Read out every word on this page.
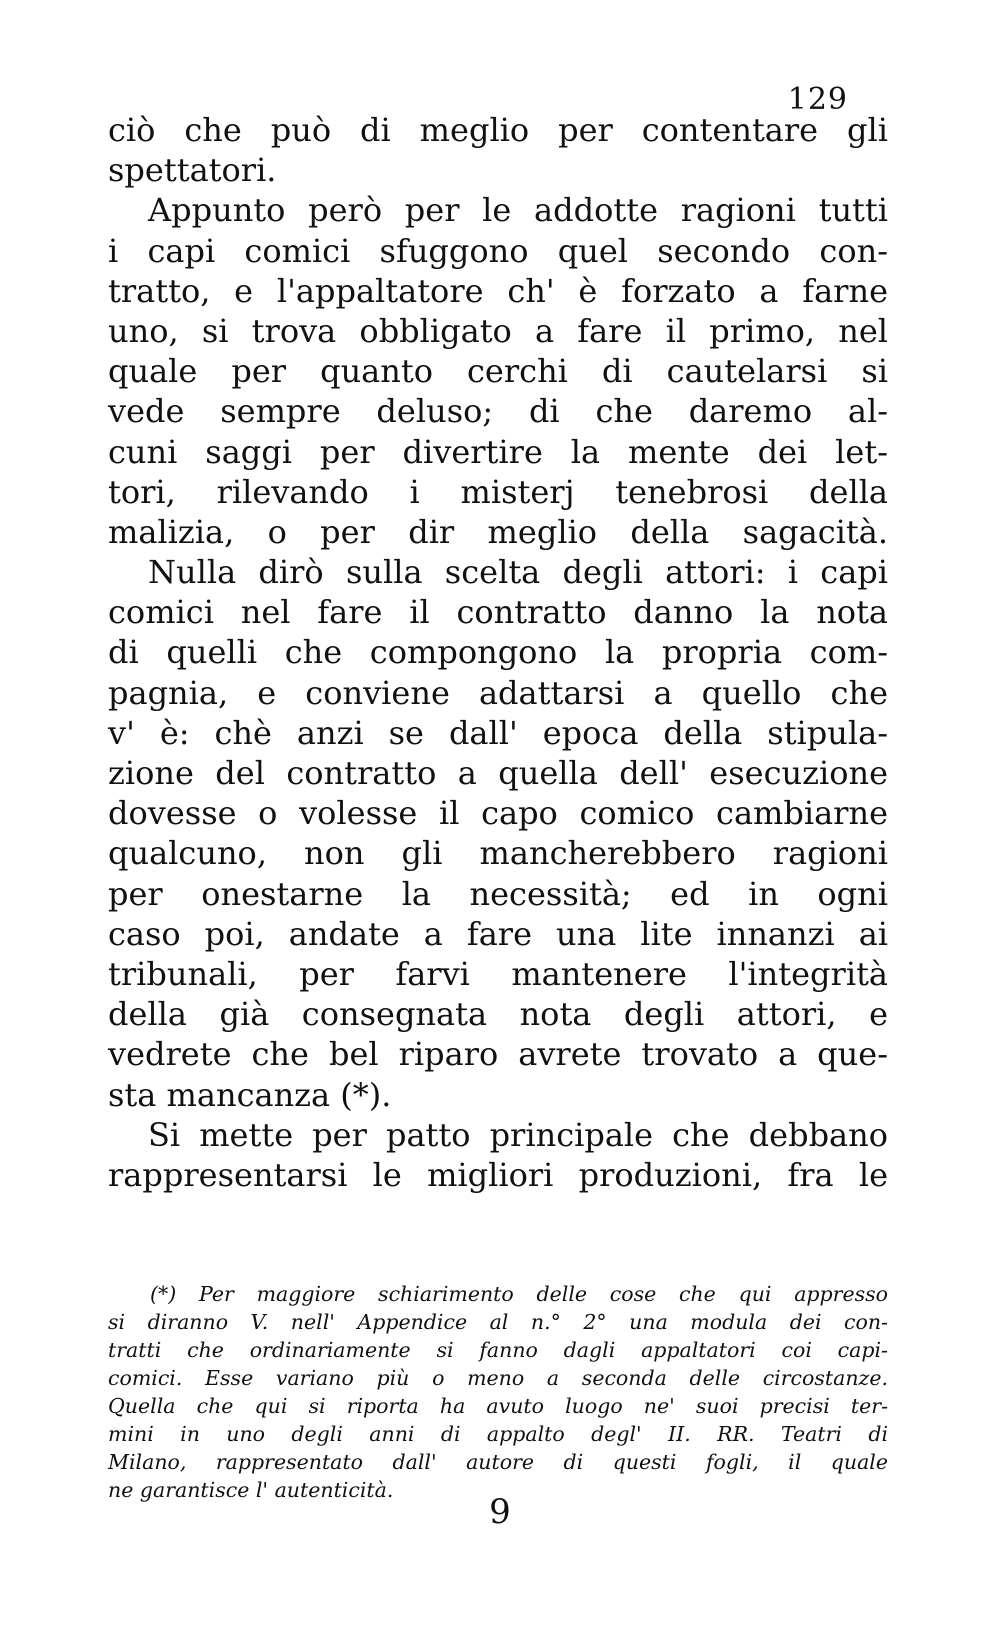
129
ciò che può di meglio per contentare gli
spettatori.
Appunto però per le addotte ragioni tutti
i capi comici sfuggono quel secondo con-
tratto, e l'appaltatore ch' è forzato a farne
uno, si trova obbligato a fare il primo, nel
quale per quanto cerchi di cautelarsi si
vede sempre deluso; di che daremo al-
cuni saggi per divertire la mente dei let-
tori, rilevando i misterj tenebrosi della
malizia, o per dir meglio della sagacità.
Nulla dirò sulla scelta degli attori: i capi
comici nel fare il contratto danno la nota
di quelli che compongono la propria com-
pagnia, e conviene adattarsi a quello che
v' è: chè anzi se dall' epoca della stipula-
zione del contratto a quella dell' esecuzione
dovesse o volesse il capo comico cambiarne
qualcuno, non gli mancherebbero ragioni
per onestarne la necessità; ed in ogni
caso poi, andate a fare una lite innanzi ai
tribunali, per farvi mantenere l'integrità
della già consegnata nota degli attori, e
vedrete che bel riparo avrete trovato a que-
sta mancanza (*).
Si mette per patto principale che debbano
rappresentarsi le migliori produzioni, fra le
(*) Per maggiore schiarimento delle cose che qui appresso
si diranno V. nell' Appendice al n.° 2° una modula dei con-
tratti che ordinariamente si fanno dagli appaltatori coi capi-
comici. Esse variano più o meno a seconda delle circostanze.
Quella che qui si riporta ha avuto luogo ne' suoi precisi ter-
mini in uno degli anni di appalto degl' II. RR. Teatri di
Milano, rappresentato dall' autore di questi fogli, il quale
ne garantisce l' autenticità.
9
